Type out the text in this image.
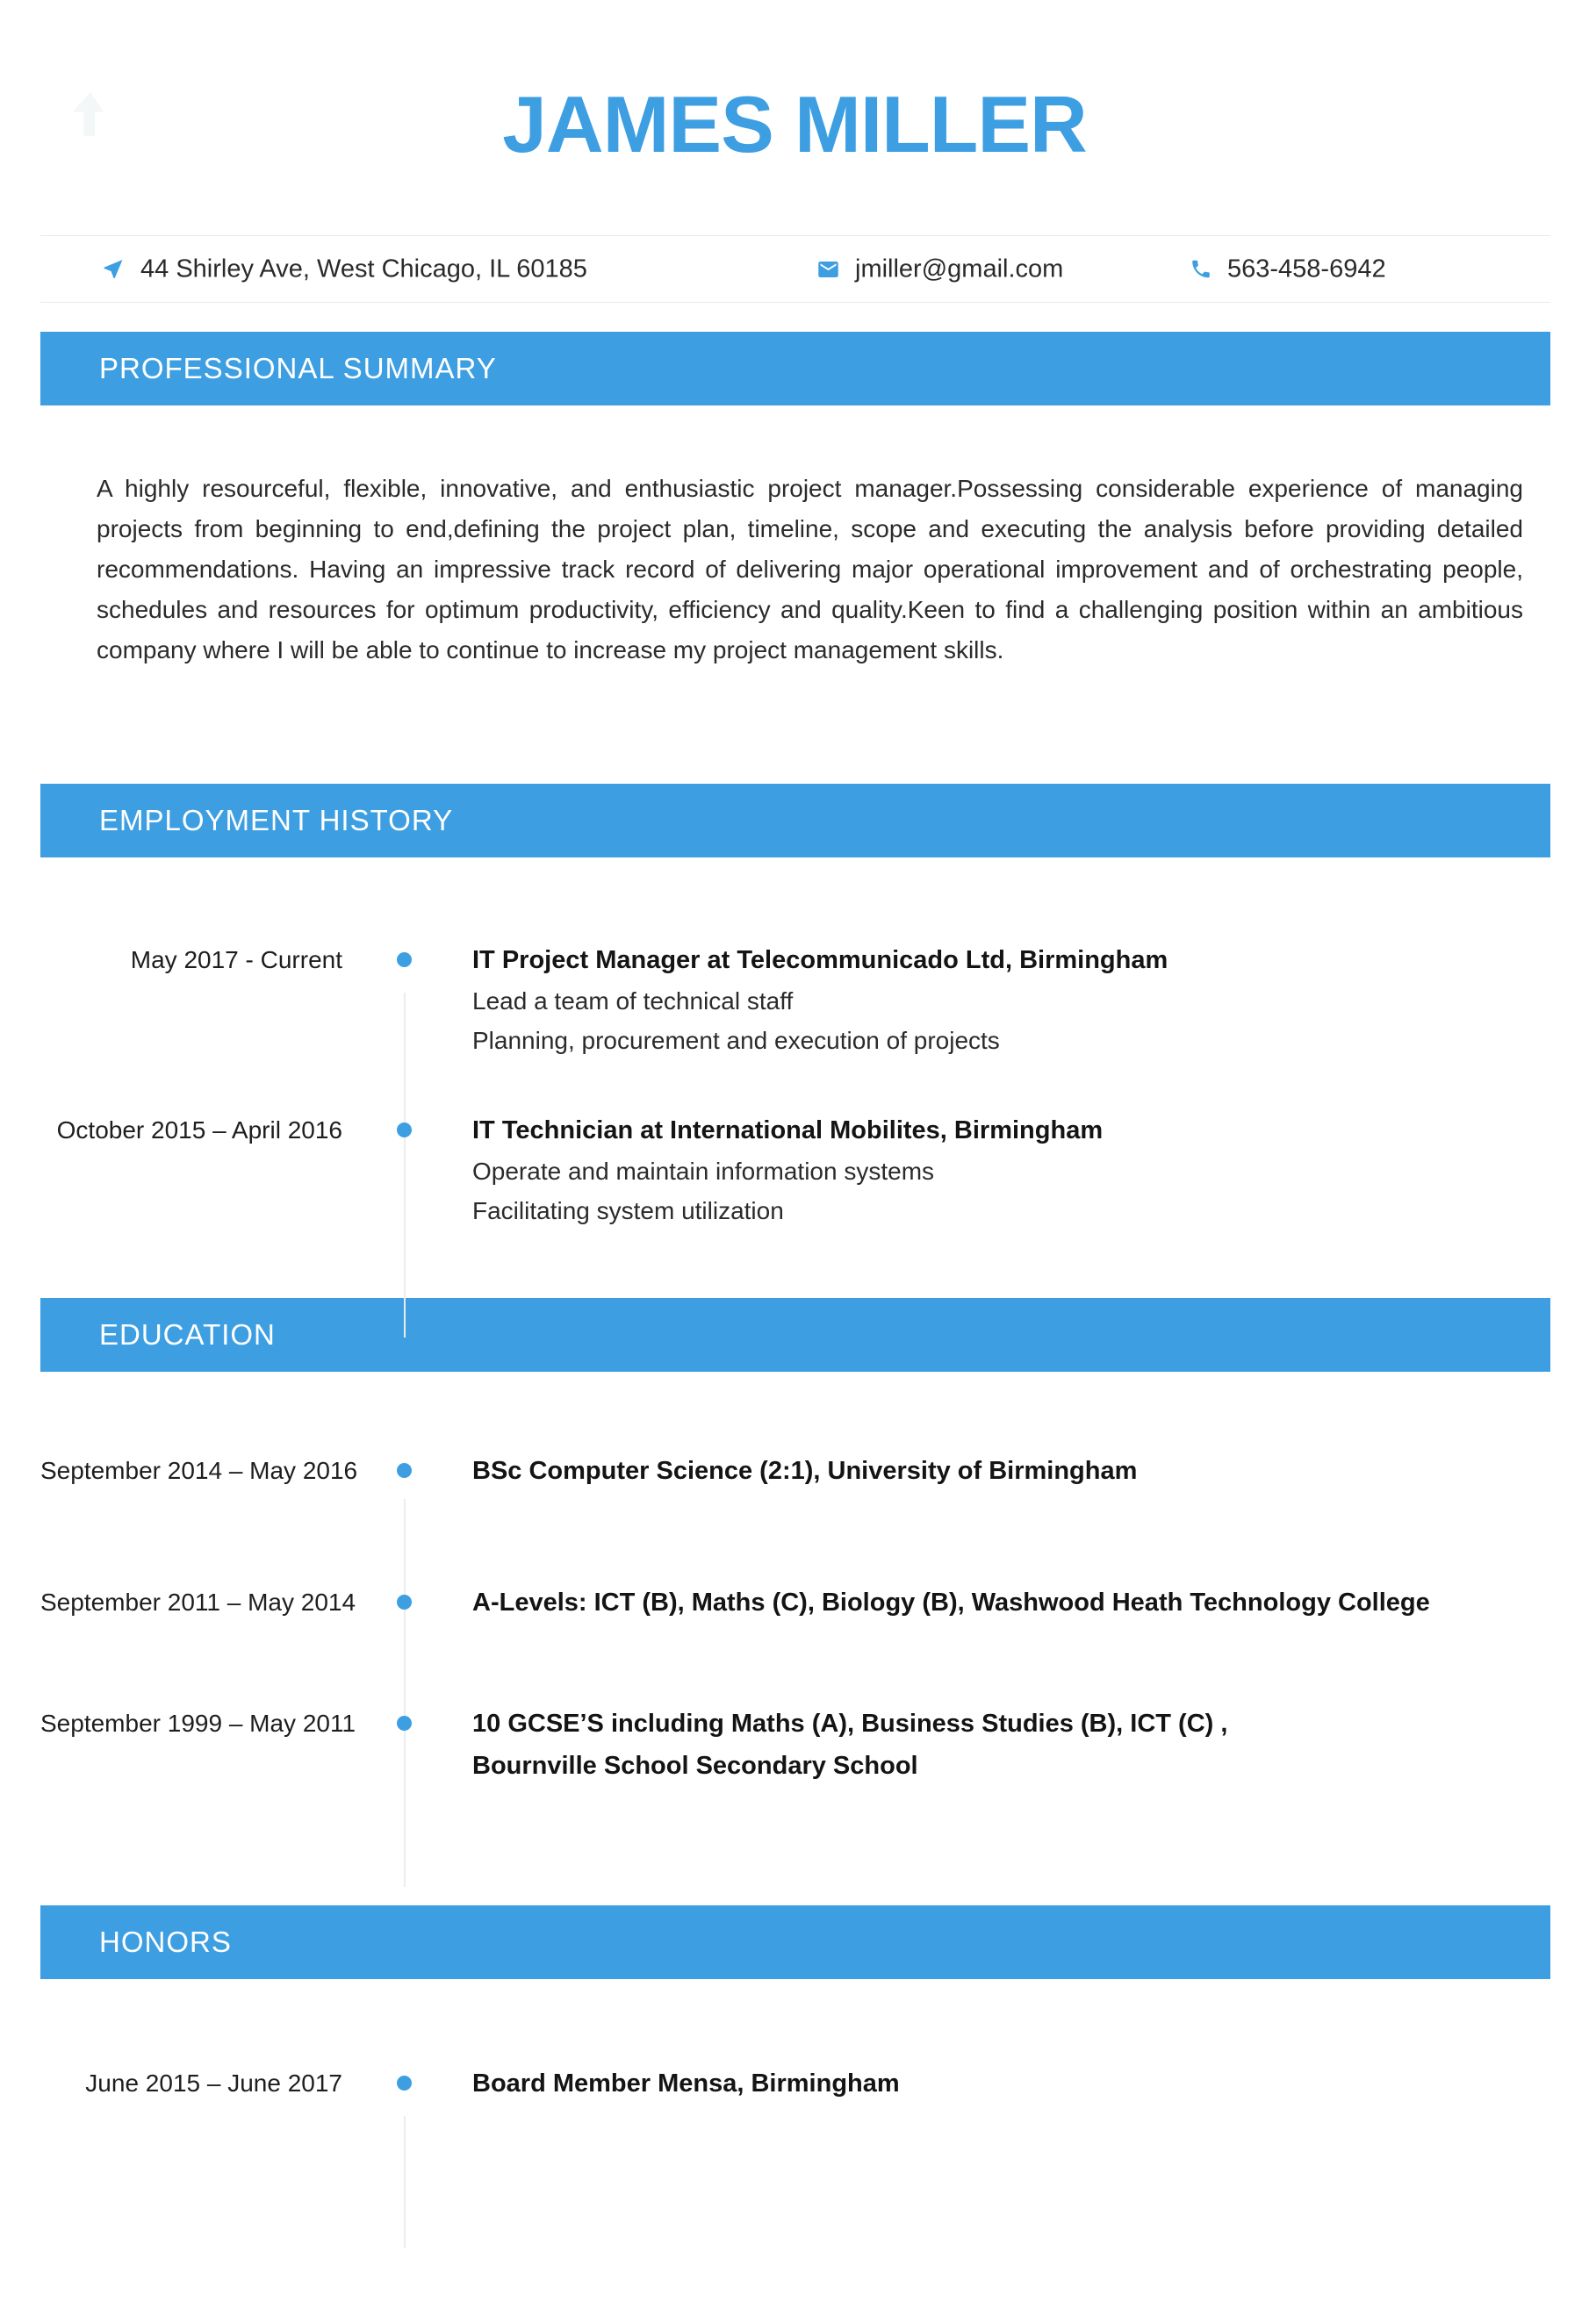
JAMES MILLER
44 Shirley Ave, West Chicago, IL 60185	jmiller@gmail.com	563-458-6942
PROFESSIONAL SUMMARY

A highly resourceful, flexible, innovative, and enthusiastic project manager.Possessing considerable experience of managing projects from beginning to end,defining the project plan, timeline, scope and executing the analysis before providing detailed recommendations. Having an impressive track record of delivering major operational improvement and of orchestrating people, schedules and resources for optimum productivity, efficiency and quality.Keen to find a challenging position within an ambitious company where I will be able to continue to increase my project management skills.

EMPLOYMENT HISTORY
May 2017 - Current	IT Project Manager at Telecommunicado Ltd, Birmingham
Lead a team of technical staff
Planning, procurement and execution of projects
October 2015 – April 2016	IT Technician at International Mobilites, Birmingham
Operate and maintain information systems
Facilitating system utilization
EDUCATION
September 2014 – May 2016	BSc Computer Science (2:1), University of Birmingham
September 2011 – May 2014	A-Levels: ICT (B), Maths (C), Biology (B), Washwood Heath Technology College
September 1999 – May 2011	10 GCSE’S including Maths (A), Business Studies (B), ICT (C) ,
Bournville School Secondary School
HONORS
June 2015 – June 2017	Board Member Mensa, Birmingham
